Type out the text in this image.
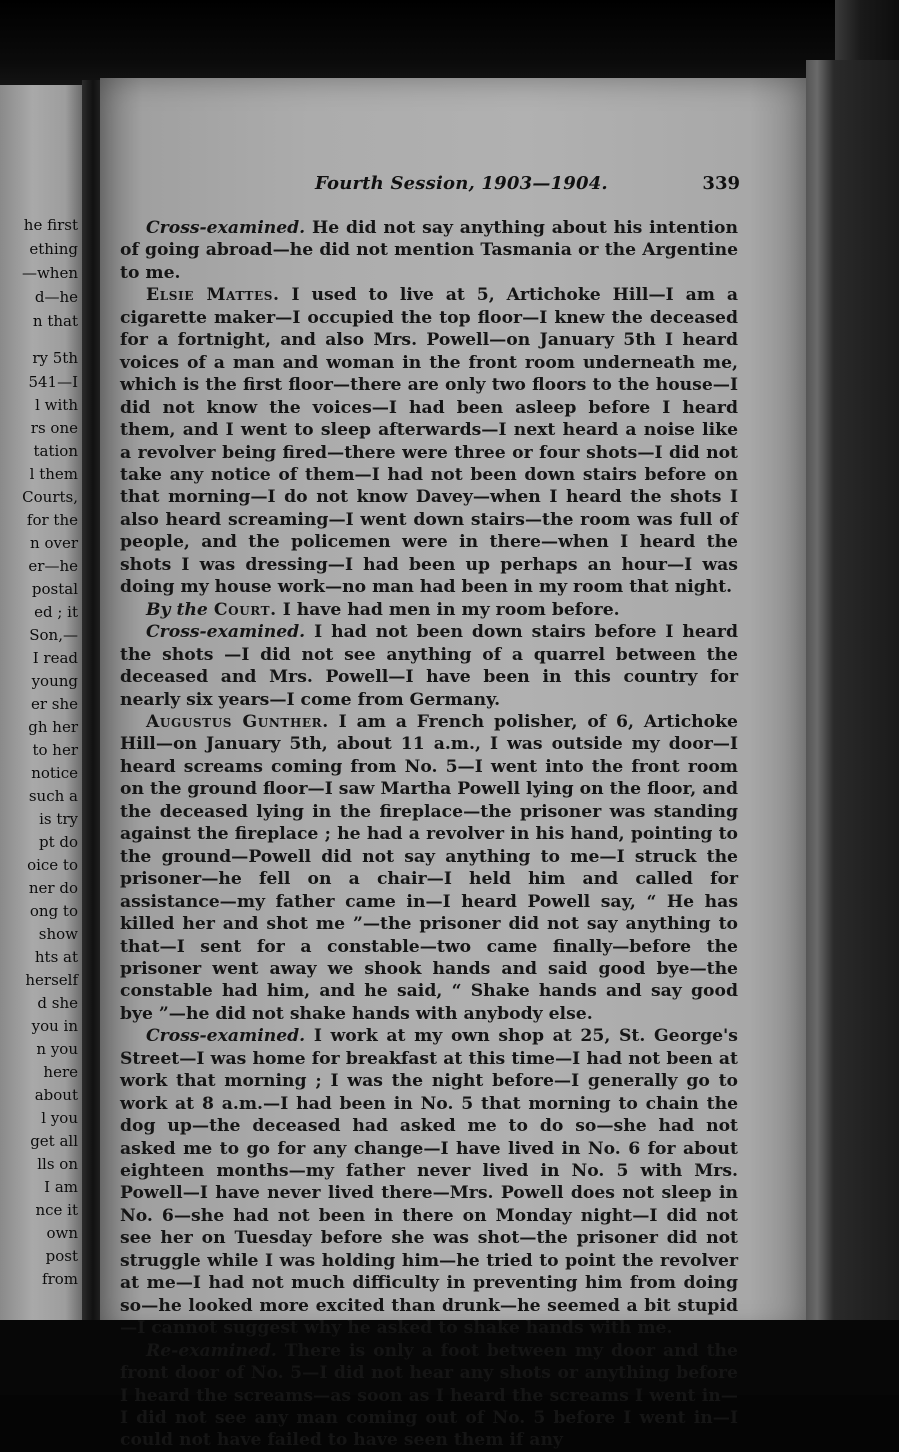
he first
ething
—when
d—he
n that
ry 5th
541—I
l with
rs one
tation
l them
Courts,
for the
n over
er—he
postal
ed ; it
Son,—
I read
young
er she
gh her
to her
notice
such a
is try
pt do
oice to
ner do
ong to
show
hts at
herself
d she
you in
n you
here
about
l you
get all
lls on
I am
nce it
own
post
from
Fourth Session, 1903—1904.	339

Cross-examined. He did not say anything about his intention of going abroad—he did not mention Tasmania or the Argentine to me.

Elsie Mattes. I used to live at 5, Artichoke Hill—I am a cigarette maker—I occupied the top floor—I knew the deceased for a fortnight, and also Mrs. Powell—on January 5th I heard voices of a man and woman in the front room underneath me, which is the first floor—there are only two floors to the house—I did not know the voices—I had been asleep before I heard them, and I went to sleep afterwards—I next heard a noise like a revolver being fired—there were three or four shots—I did not take any notice of them—I had not been down stairs before on that morning—I do not know Davey—when I heard the shots I also heard screaming—I went down stairs—the room was full of people, and the policemen were in there—when I heard the shots I was dressing—I had been up perhaps an hour—I was doing my house work—no man had been in my room that night.

By the Court. I have had men in my room before.

Cross-examined. I had not been down stairs before I heard the shots —I did not see anything of a quarrel between the deceased and Mrs. Powell—I have been in this country for nearly six years—I come from Germany.

Augustus Gunther. I am a French polisher, of 6, Artichoke Hill—on January 5th, about 11 a.m., I was outside my door—I heard screams coming from No. 5—I went into the front room on the ground floor—I saw Martha Powell lying on the floor, and the deceased lying in the fireplace—the prisoner was standing against the fireplace ; he had a revolver in his hand, pointing to the ground—Powell did not say anything to me—I struck the prisoner—he fell on a chair—I held him and called for assistance—my father came in—I heard Powell say, “ He has killed her and shot me ”—the prisoner did not say anything to that—I sent for a constable—two came finally—before the prisoner went away we shook hands and said good bye—the constable had him, and he said, “ Shake hands and say good bye ”—he did not shake hands with anybody else.

Cross-examined. I work at my own shop at 25, St. George's Street—I was home for breakfast at this time—I had not been at work that morning ; I was the night before—I generally go to work at 8 a.m.—I had been in No. 5 that morning to chain the dog up—the deceased had asked me to do so—she had not asked me to go for any change—I have lived in No. 6 for about eighteen months—my father never lived in No. 5 with Mrs. Powell—I have never lived there—Mrs. Powell does not sleep in No. 6—she had not been in there on Monday night—I did not see her on Tuesday before she was shot—the prisoner did not struggle while I was holding him—he tried to point the revolver at me—I had not much difficulty in preventing him from doing so—he looked more excited than drunk—he seemed a bit stupid—I cannot suggest why he asked to shake hands with me.

Re-examined. There is only a foot between my door and the front door of No. 5—I did not hear any shots or anything before I heard the screams—as soon as I heard the screams I went in—I did not see any man coming out of No. 5 before I went in—I could not have failed to have seen them if any
